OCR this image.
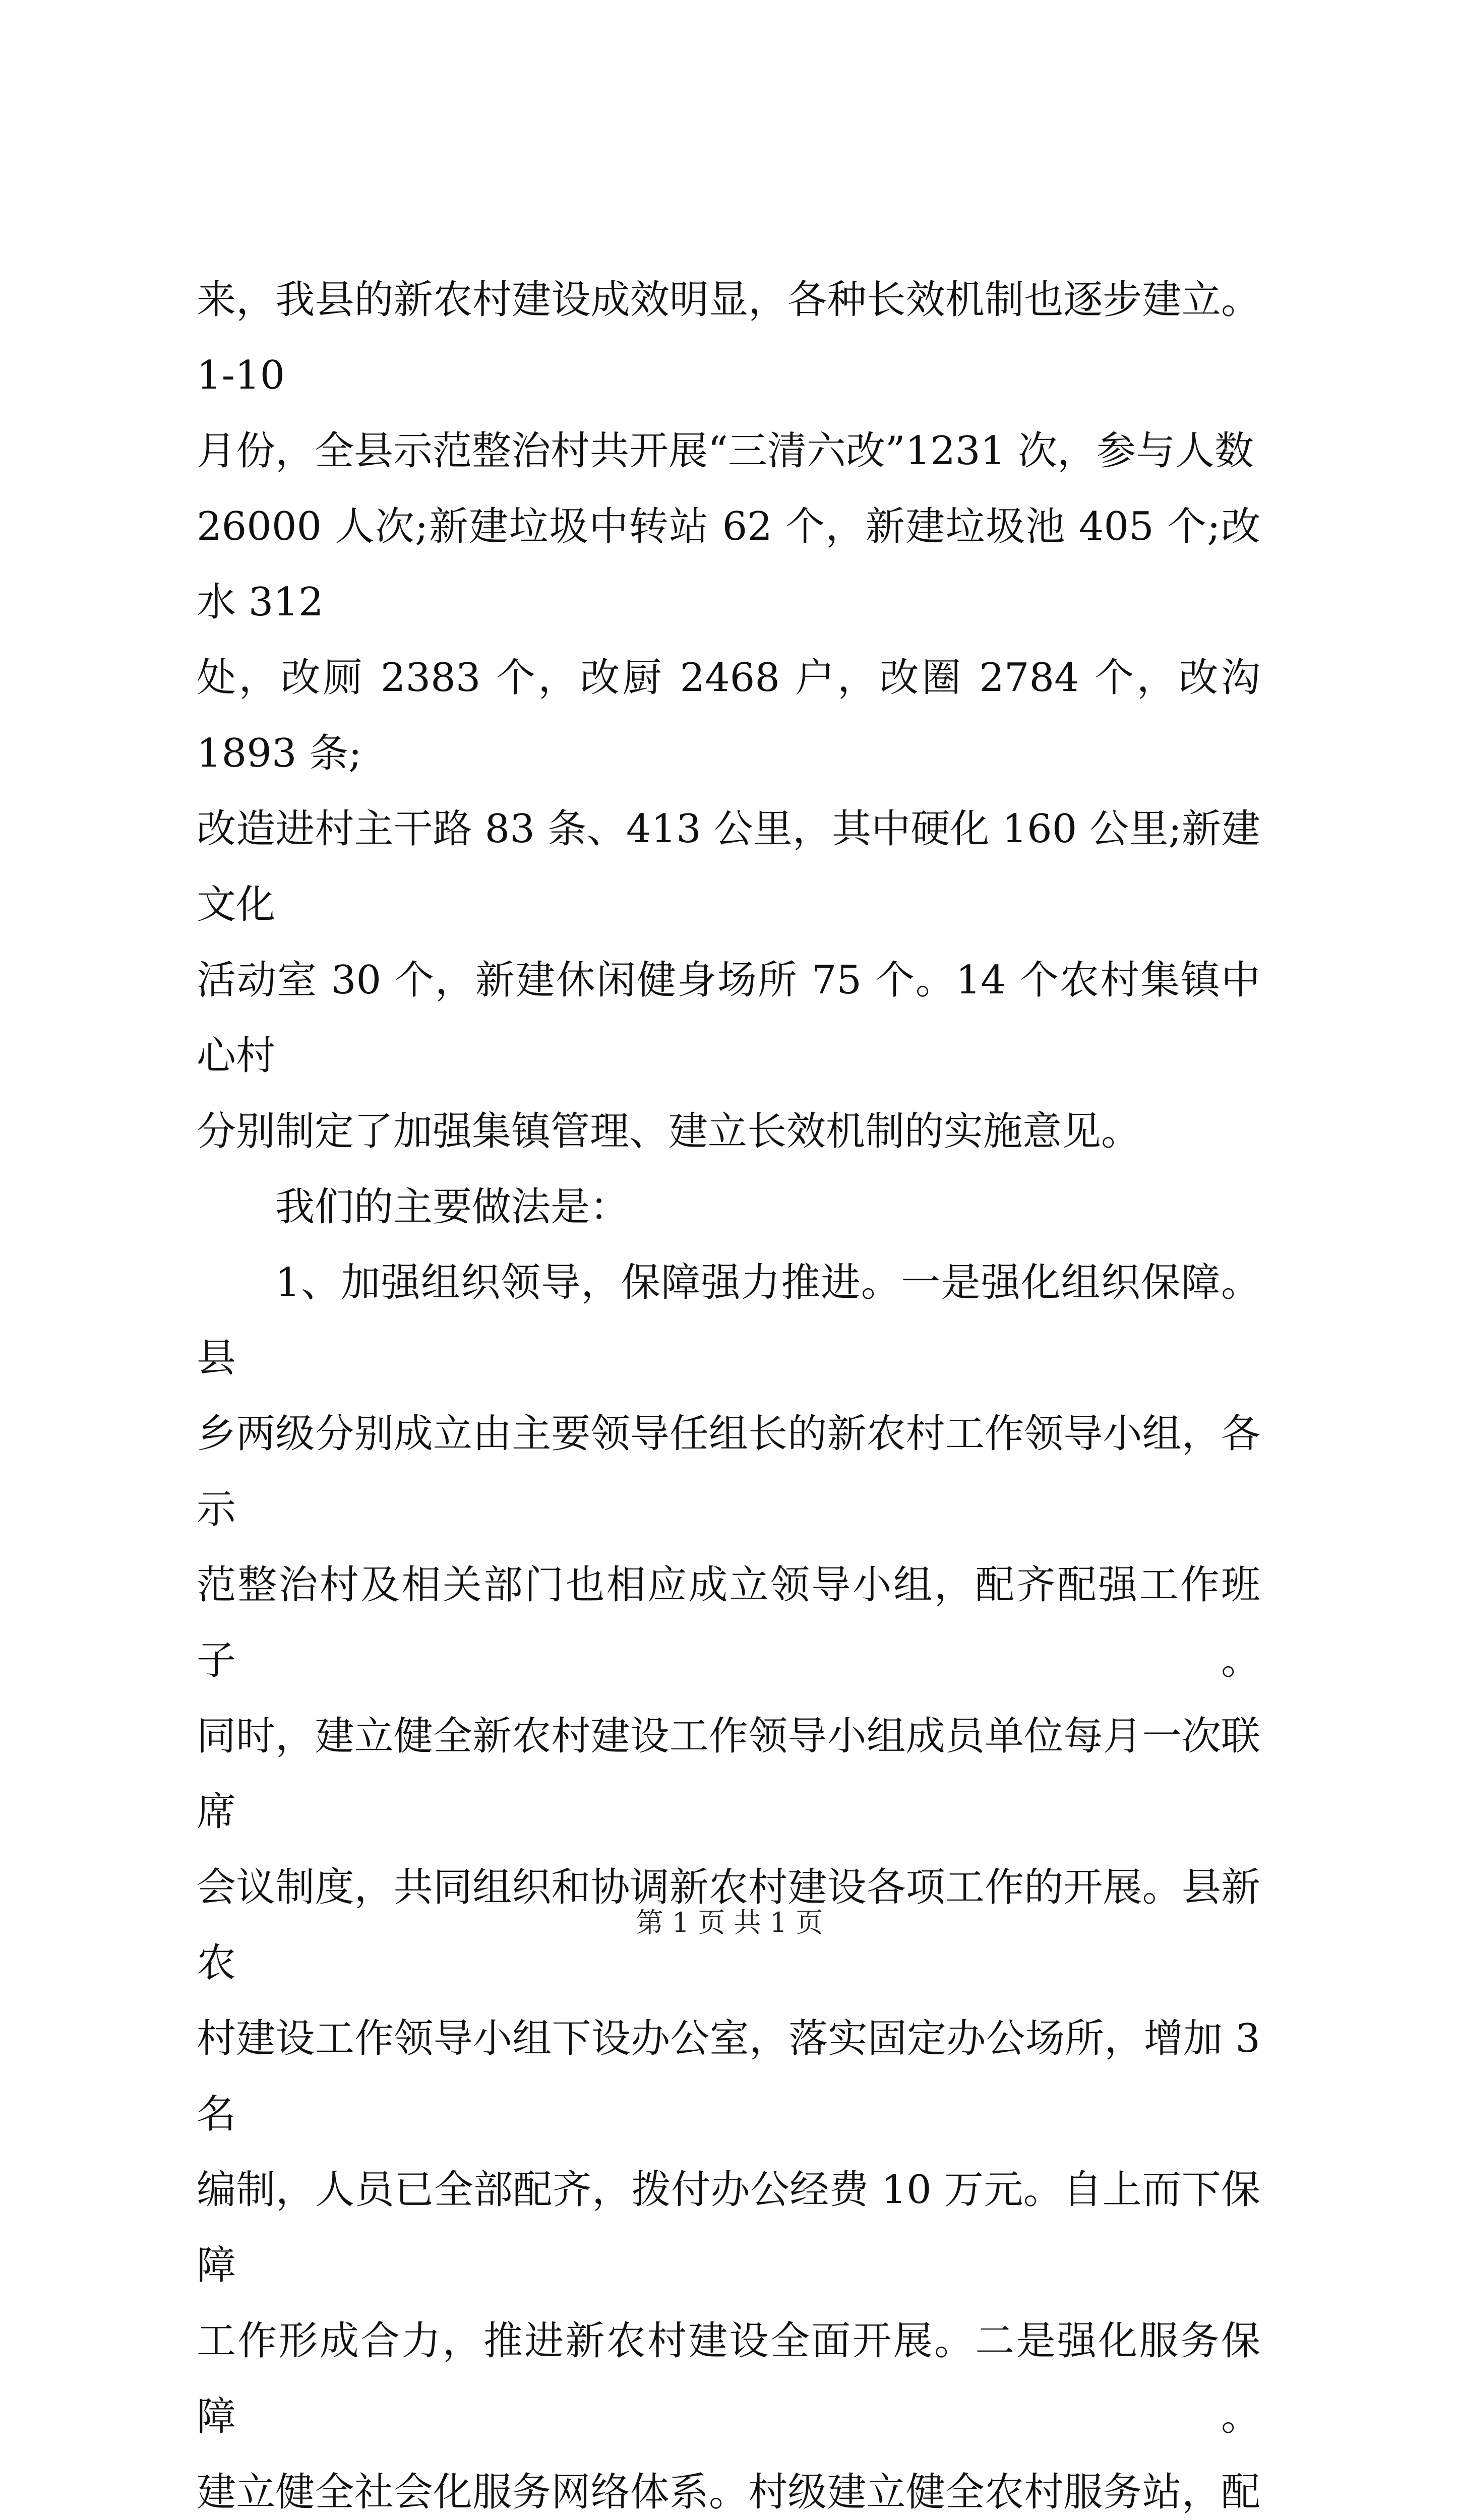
来，我县的新农村建设成效明显，各种长效机制也逐步建立。1-10
月份，全县示范整治村共开展“三清六改”1231 次，参与人数
26000 人次;新建垃圾中转站 62 个，新建垃圾池 405 个;改水 312
处，改厕 2383 个，改厨 2468 户，改圈 2784 个，改沟 1893 条;
改造进村主干路 83 条、413 公里，其中硬化 160 公里;新建文化
活动室 30 个，新建休闲健身场所 75 个。14 个农村集镇中心村
分别制定了加强集镇管理、建立长效机制的实施意见。

我们的主要做法是：

1、加强组织领导，保障强力推进。一是强化组织保障。县
乡两级分别成立由主要领导任组长的新农村工作领导小组，各示
范整治村及相关部门也相应成立领导小组，配齐配强工作班子。
同时，建立健全新农村建设工作领导小组成员单位每月一次联席
会议制度，共同组织和协调新农村建设各项工作的开展。县新农
村建设工作领导小组下设办公室，落实固定办公场所，增加 3 名
编制，人员已全部配齐，拨付办公经费 10 万元。自上而下保障
工作形成合力，推进新农村建设全面开展。二是强化服务保障。
建立健全社会化服务网络体系。村级建立健全农村服务站，配

第 1 页 共 1 页
